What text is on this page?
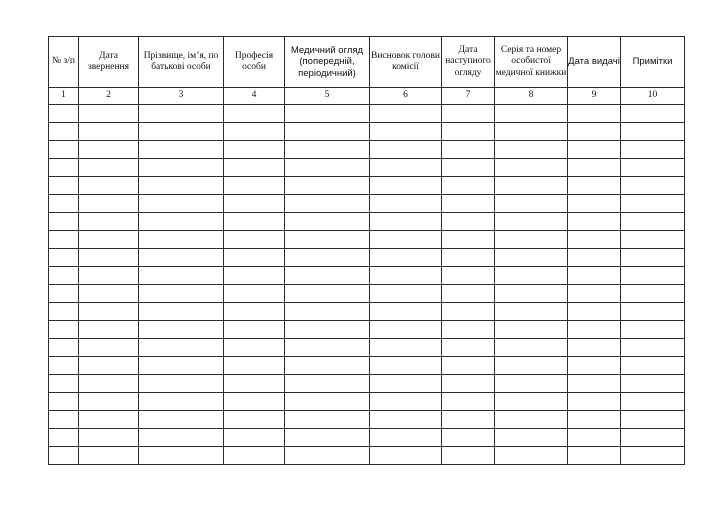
№ з/п	Дата звернення	Прізвище, ім’я, по батькові особи	Професія особи	Медичний огляд (попередній, періодичний)	Висновок голови комісії	Дата наступного огляду	Серія та номер особистої медичної книжки	Дата видачі	Примітки
1	2	3	4	5	6	7	8	9	10
